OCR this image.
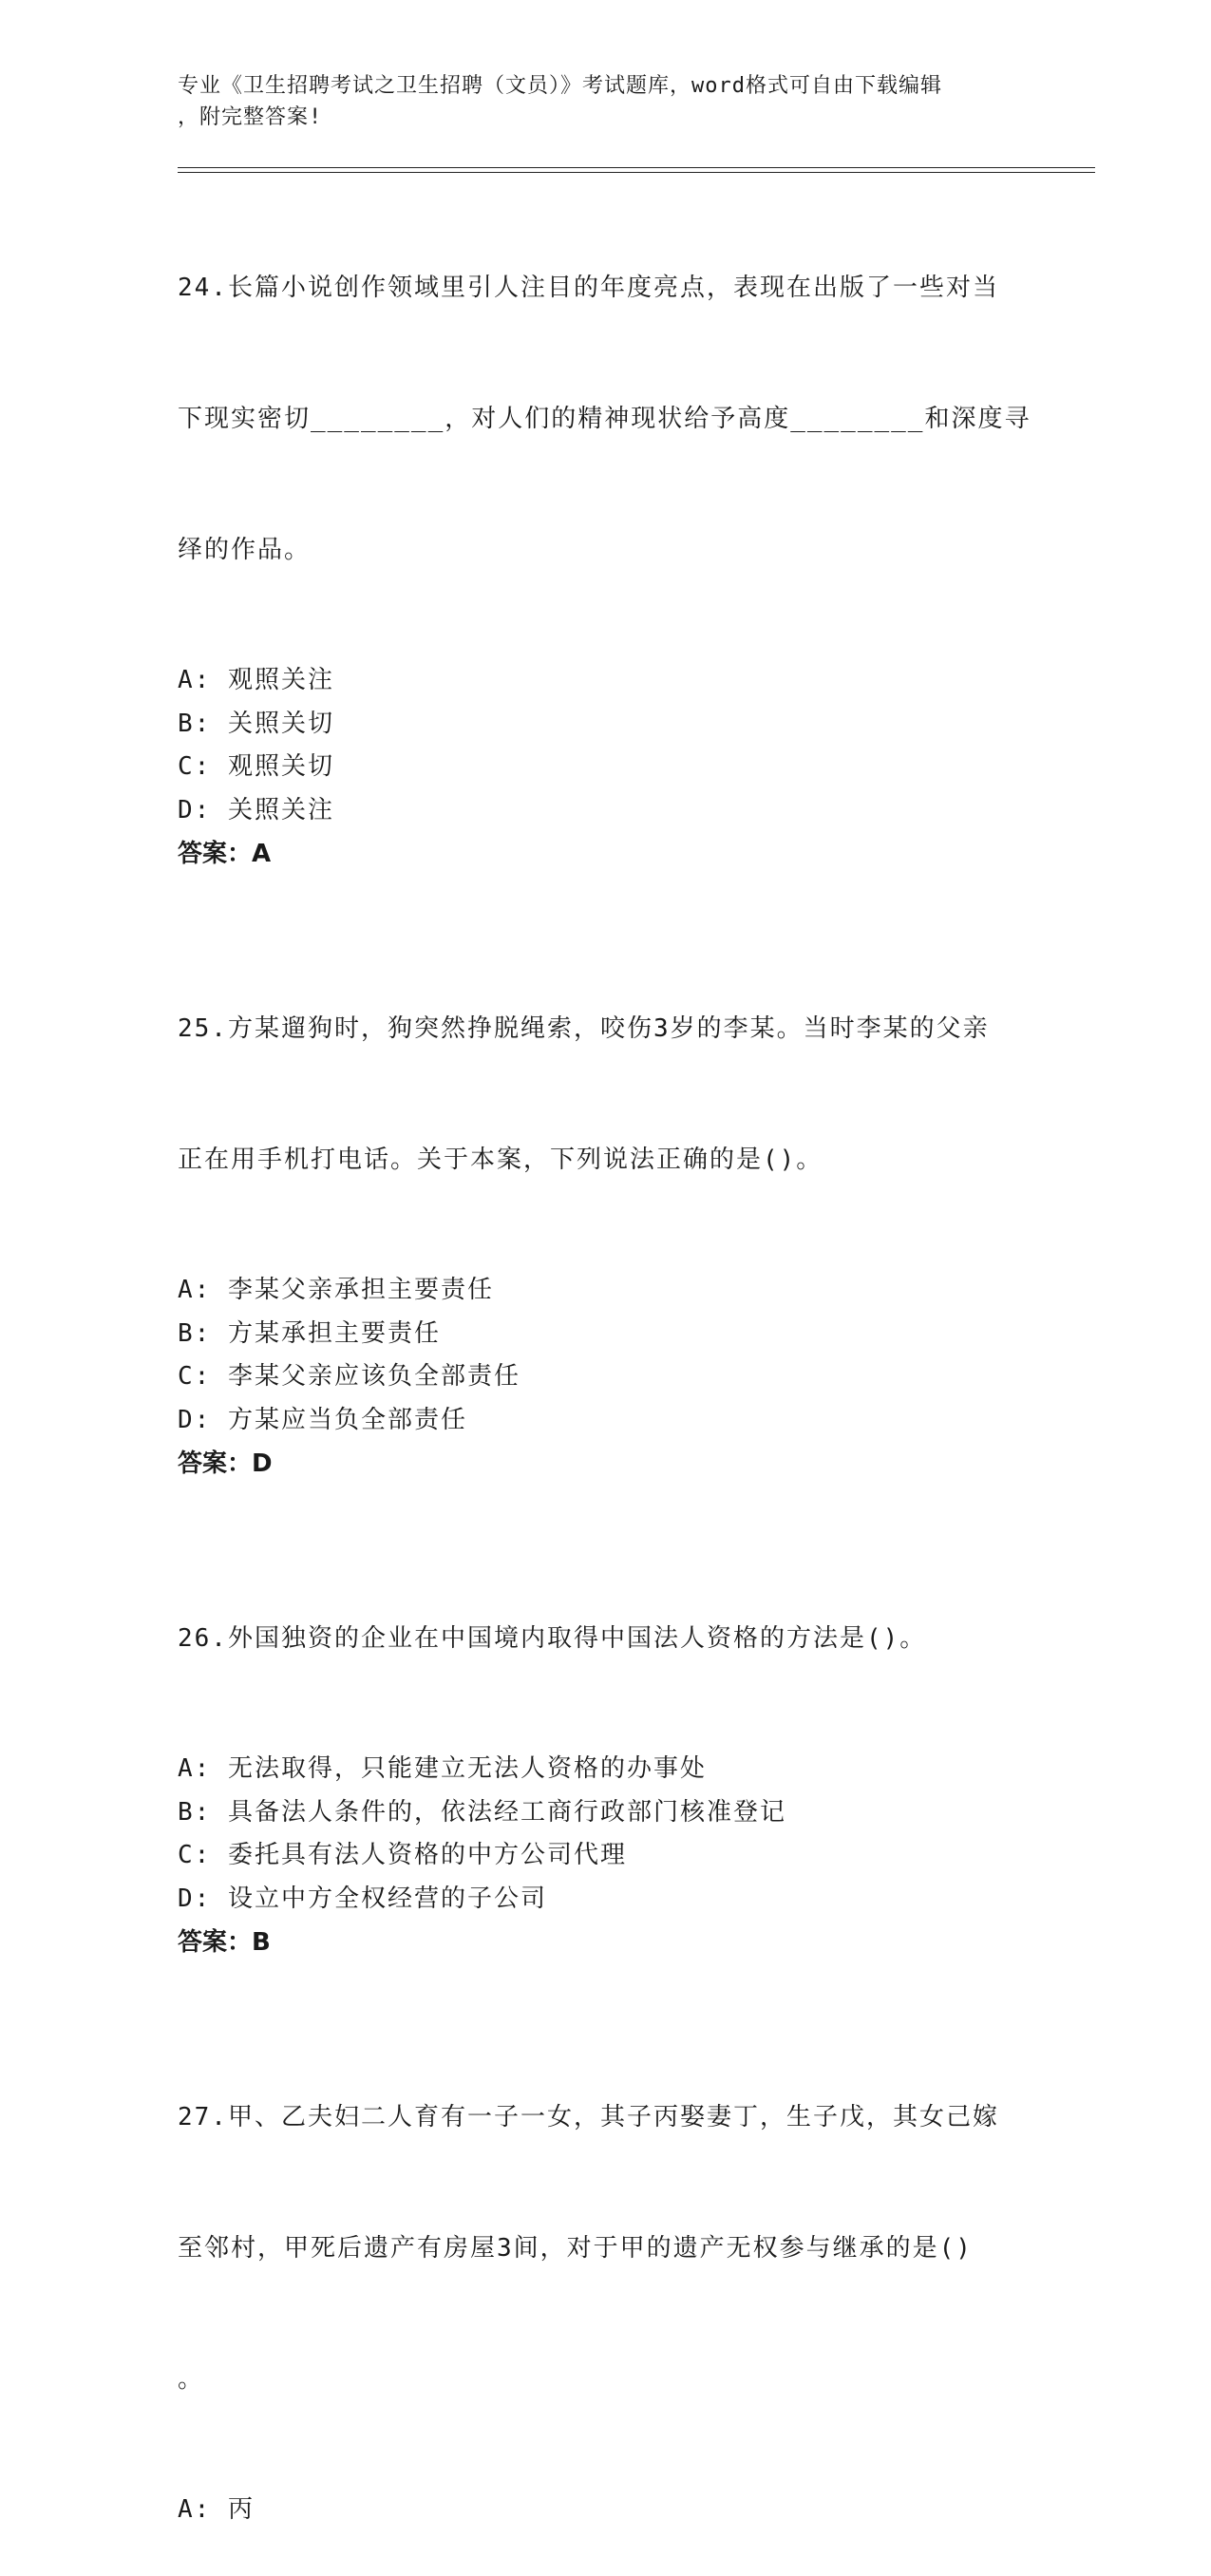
专业《卫生招聘考试之卫生招聘（文员）》考试题库，word格式可自由下载编辑
，附完整答案!

24.长篇小说创作领域里引人注目的年度亮点，表现在出版了一些对当

下现实密切________，对人们的精神现状给予高度________和深度寻

绎的作品。

A: 观照关注
B: 关照关切
C: 观照关切
D: 关照关注
答案：A

25.方某遛狗时，狗突然挣脱绳索，咬伤3岁的李某。当时李某的父亲

正在用手机打电话。关于本案，下列说法正确的是()。

A: 李某父亲承担主要责任
B: 方某承担主要责任
C: 李某父亲应该负全部责任
D: 方某应当负全部责任
答案：D

26.外国独资的企业在中国境内取得中国法人资格的方法是()。

A: 无法取得，只能建立无法人资格的办事处
B: 具备法人条件的，依法经工商行政部门核准登记
C: 委托具有法人资格的中方公司代理
D: 设立中方全权经营的子公司
答案：B

27.甲、乙夫妇二人育有一子一女，其子丙娶妻丁，生子戊，其女己嫁

至邻村，甲死后遗产有房屋3间，对于甲的遗产无权参与继承的是()

。

A: 丙
